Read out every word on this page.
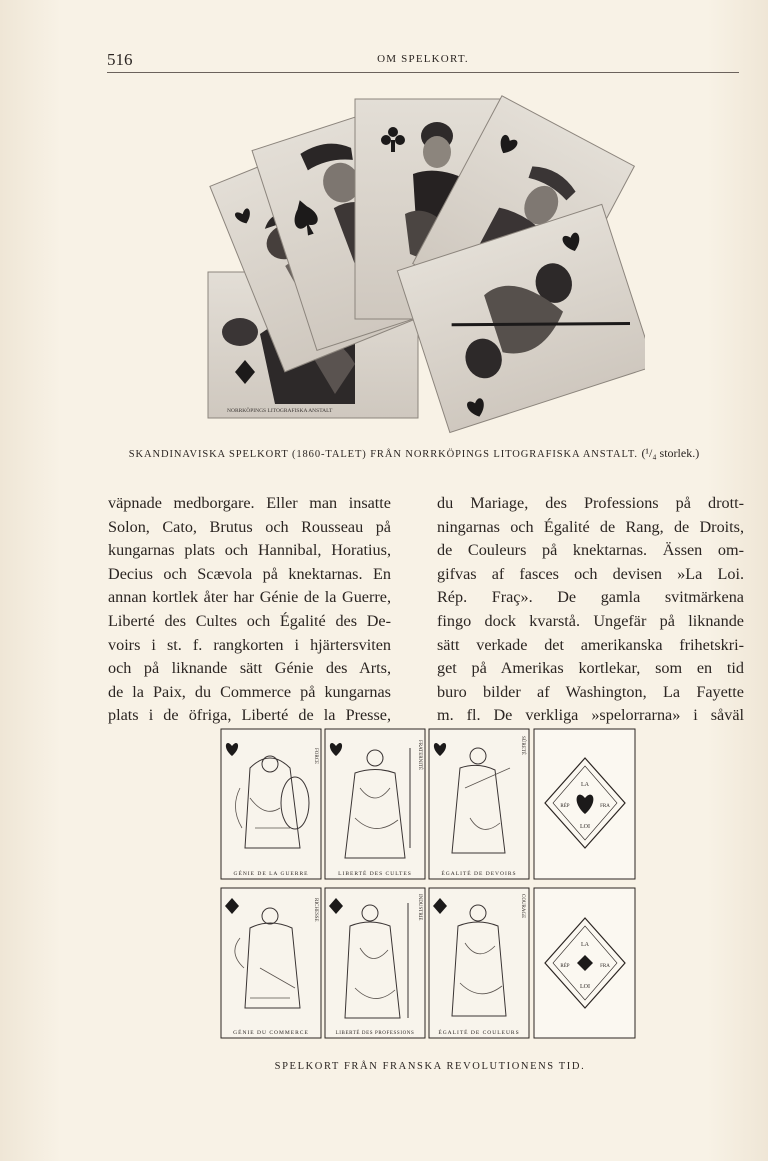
516	OM SPELKORT.
NORRKÖPINGS LITOGRAFISKA ANSTALT
SKANDINAVISKA SPELKORT (1860-TALET) FRÅN NORRKÖPINGS LITOGRAFISKA ANSTALT. (¹/₄ storlek.)
väpnade medborgare. Eller man insatte
Solon, Cato, Brutus och Rousseau på
kungarnas plats och Hannibal, Horatius,
Decius och Scævola på knektarnas. En
annan kortlek åter har Génie de la Guerre,
Liberté des Cultes och Égalité des De-
voirs i st. f. rangkorten i hjärtersviten
och på liknande sätt Génie des Arts,
de la Paix, du Commerce på kungarnas
plats i de öfriga, Liberté de la Presse,
du Mariage, des Professions på drott-
ningarnas och Égalité de Rang, de Droits,
de Couleurs på knektarnas. Ässen om-
gifvas af fasces och devisen »La Loi.
Rép. Fraç». De gamla svitmärkena
fingo dock kvarstå. Ungefär på liknande
sätt verkade det amerikanska frihetskri-
get på Amerikas kortlekar, som en tid
buro bilder af Washington, La Fayette
m. fl. De verkliga »spelorrarna» i såväl
FORCE
GÉNIE DE LA GUERRE
FRATERNITÉ
LIBERTÉ DES CULTES
SÛRETÉ
ÉGALITÉ DE DEVOIRS
LA
RÉP	FRA
LOI
RICHESSE
GÉNIE DU COMMERCE
INDUSTRIE
LIBERTÉ DES PROFESSIONS
COURAGE
ÉGALITÉ DE COULEURS
LA
RÉP	FRA
LOI
SPELKORT FRÅN FRANSKA REVOLUTIONENS TID.
